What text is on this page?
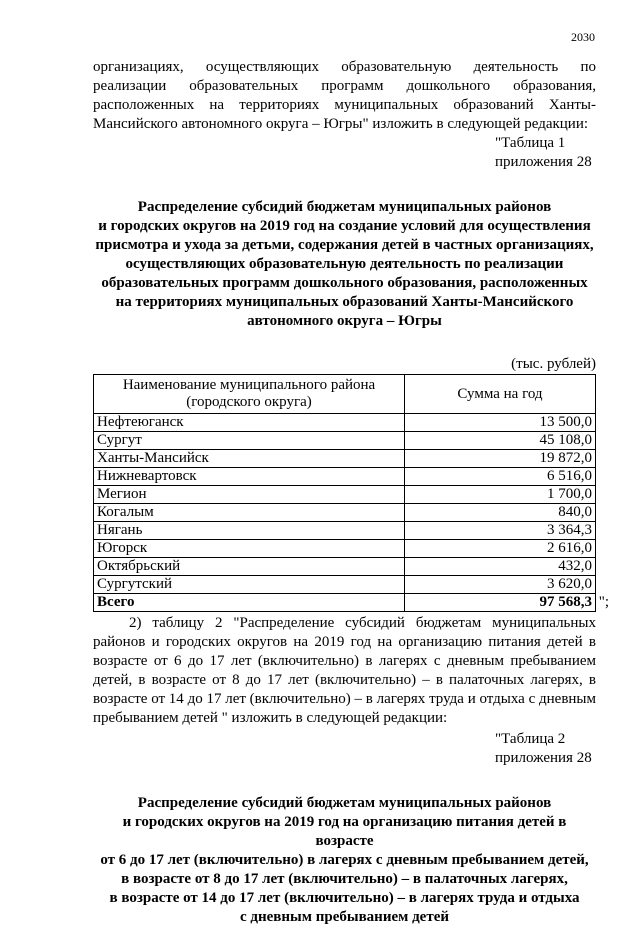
2030

организациях, осуществляющих образовательную деятельность по реализации образовательных программ дошкольного образования, расположенных на территориях муниципальных образований Ханты-Мансийского автономного округа – Югры" изложить в следующей редакции:

"Таблица 1
приложения 28
Распределение субсидий бюджетам муниципальных районов
и городских округов на 2019 год на создание условий для осуществления
присмотра и ухода за детьми, содержания детей в частных организациях,
осуществляющих образовательную деятельность по реализации
образовательных программ дошкольного образования, расположенных
на территориях муниципальных образований Ханты-Мансийского
автономного округа – Югры
(тыс. рублей)
Наименование муниципального района
(городского округа)	Сумма на год
Нефтеюганск	13 500,0
Сургут	45 108,0
Ханты-Мансийск	19 872,0
Нижневартовск	6 516,0
Мегион	1 700,0
Когалым	840,0
Нягань	3 364,3
Югорск	2 616,0
Октябрьский	432,0
Сургутский	3 620,0
Всего	97 568,3 ";

2) таблицу 2 "Распределение субсидий бюджетам муниципальных районов и городских округов на 2019 год на организацию питания детей в возрасте от 6 до 17 лет (включительно) в лагерях с дневным пребыванием детей, в возрасте от 8 до 17 лет (включительно) – в палаточных лагерях, в возрасте от 14 до 17 лет (включительно) – в лагерях труда и отдыха с дневным пребыванием детей " изложить в следующей редакции:

"Таблица 2
приложения 28
Распределение субсидий бюджетам муниципальных районов
и городских округов на 2019 год на организацию питания детей в возрасте
от 6 до 17 лет (включительно) в лагерях с дневным пребыванием детей,
в возрасте от 8 до 17 лет (включительно) – в палаточных лагерях,
в возрасте от 14 до 17 лет (включительно) – в лагерях труда и отдыха
с дневным пребыванием детей
